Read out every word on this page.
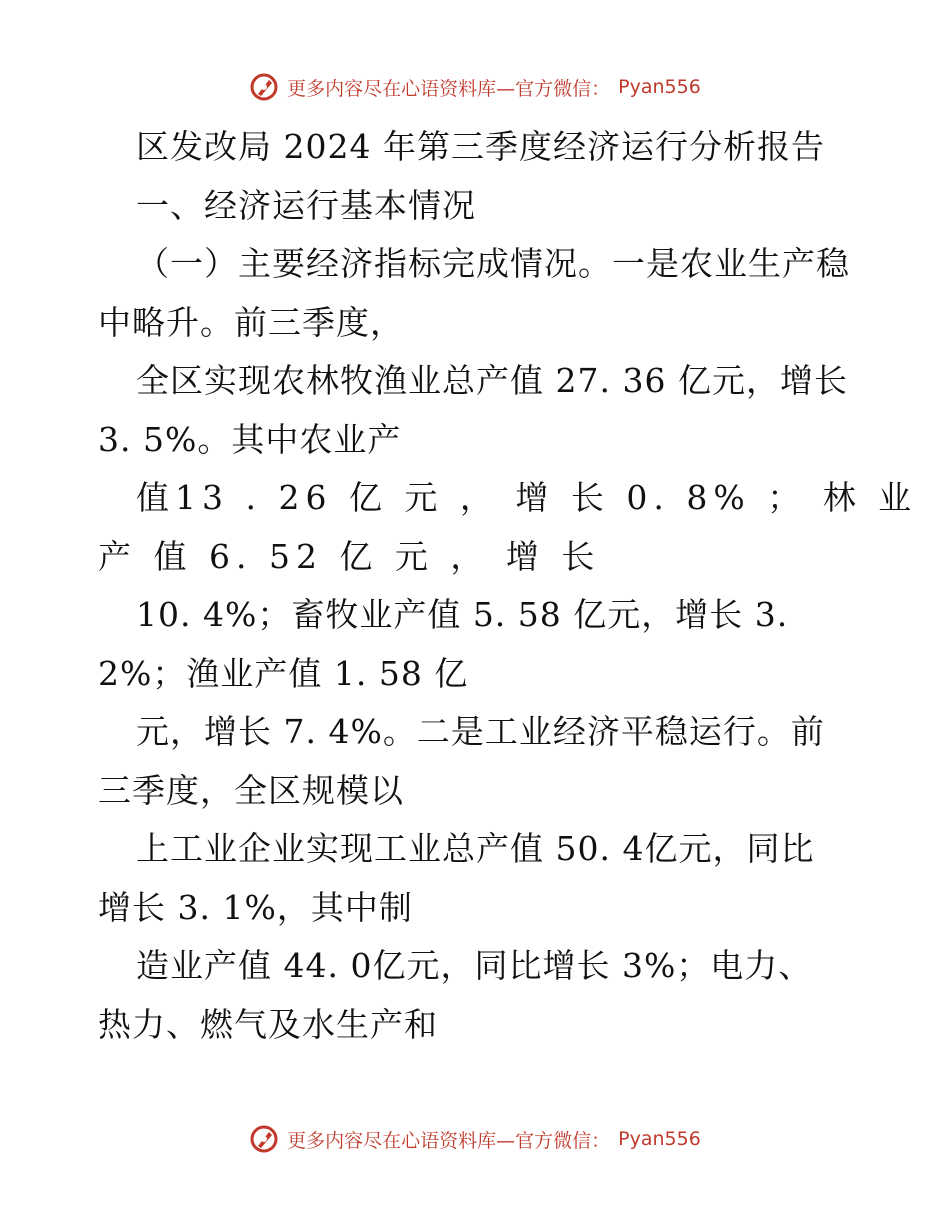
更多内容尽在心语资料库—官方微信： Pyan556
区发改局 2024 年第三季度经济运行分析报告
一、经济运行基本情况
（一）主要经济指标完成情况。一是农业生产稳
中略升。前三季度，
全区实现农林牧渔业总产值 27. 36 亿元，增长
3. 5%。其中农业产
值13 . 26 亿 元 ， 增 长 0. 8% ； 林 业
产 值 6. 52 亿 元 ， 增 长
10. 4%；畜牧业产值 5. 58 亿元，增长 3.
2%；渔业产值 1. 58 亿
元，增长 7. 4%。二是工业经济平稳运行。前
三季度，全区规模以
上工业企业实现工业总产值 50. 4亿元，同比
增长 3. 1%，其中制
造业产值 44. 0亿元，同比增长 3%；电力、
热力、燃气及水生产和
更多内容尽在心语资料库—官方微信： Pyan556
